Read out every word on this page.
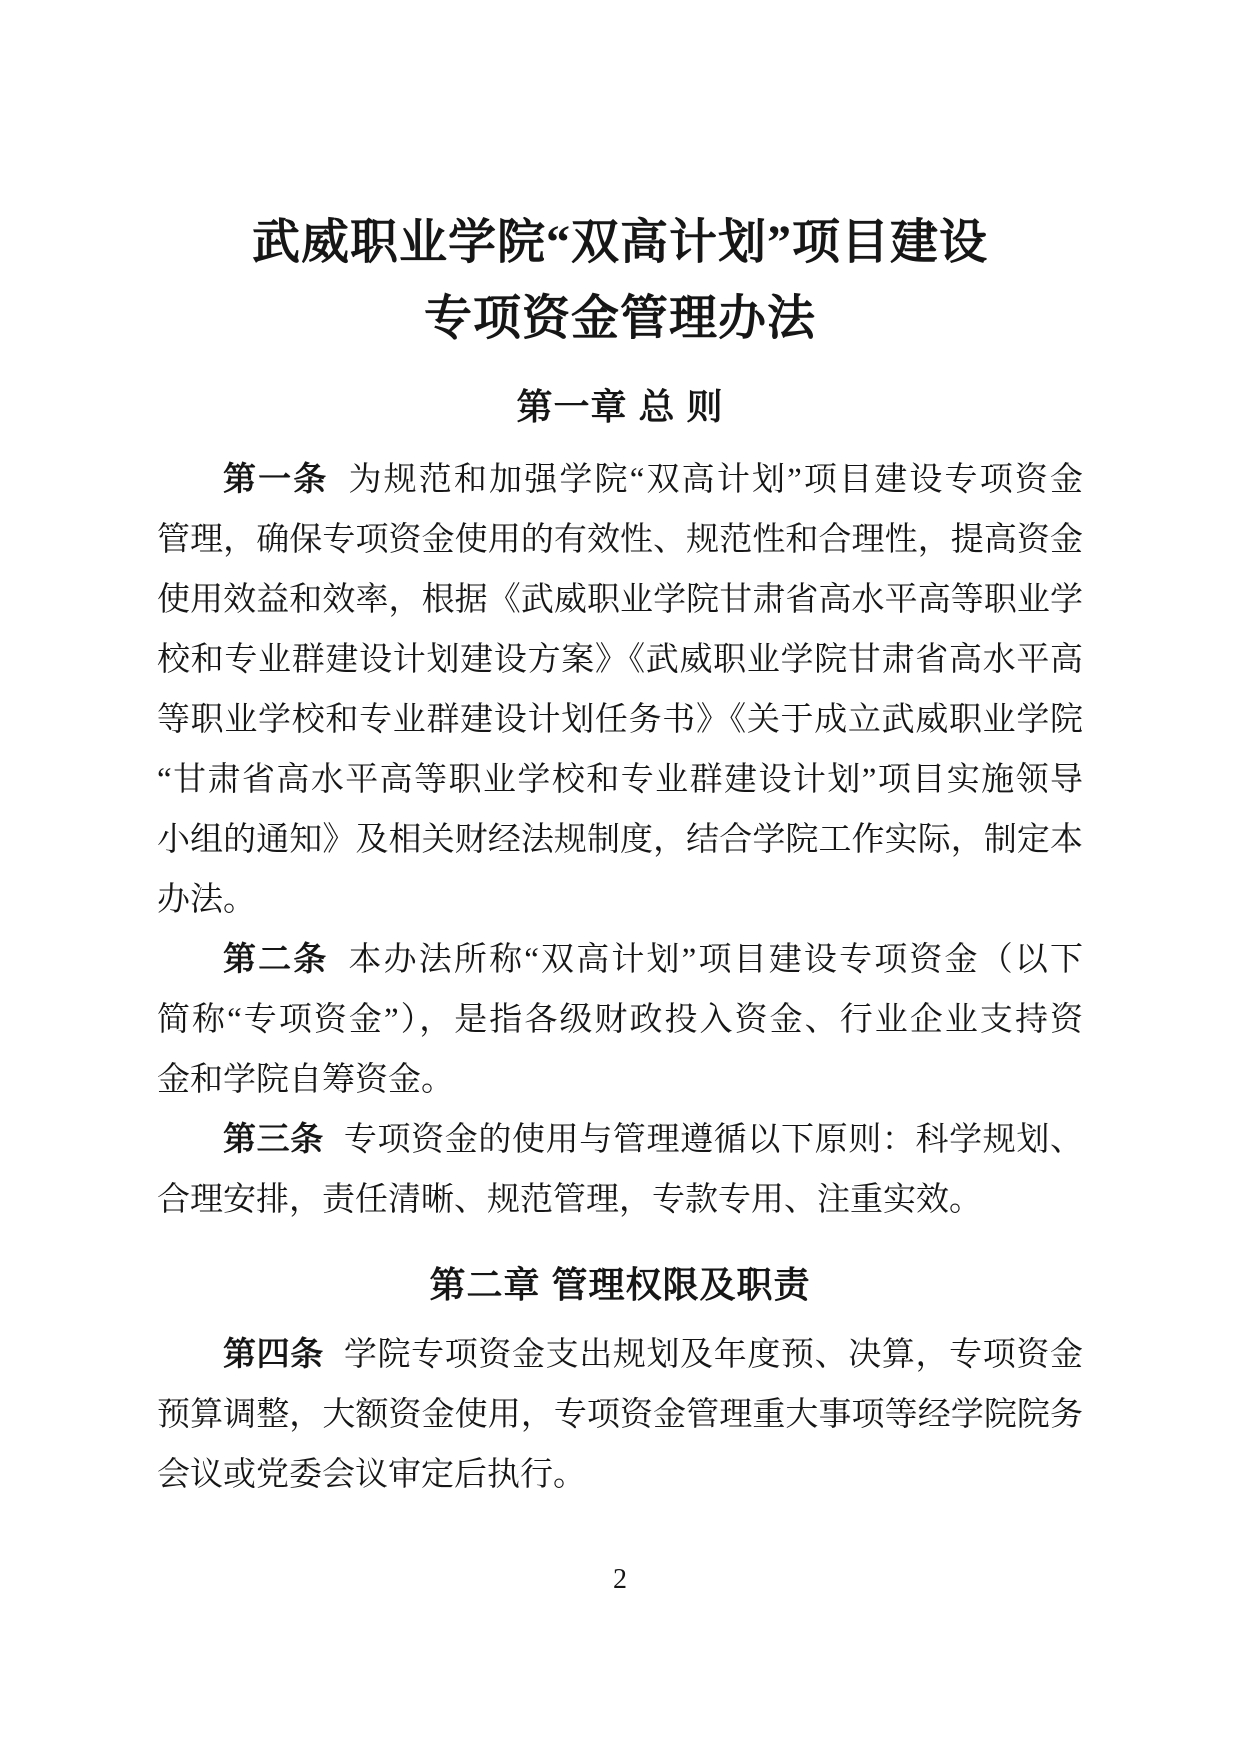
武威职业学院“双高计划”项目建设
专项资金管理办法
第一章 总 则
第一条 为规范和加强学院“双高计划”项目建设专项资金
管理，确保专项资金使用的有效性、规范性和合理性，提高资金
使用效益和效率，根据《武威职业学院甘肃省高水平高等职业学
校和专业群建设计划建设方案》《武威职业学院甘肃省高水平高
等职业学校和专业群建设计划任务书》《关于成立武威职业学院
“甘肃省高水平高等职业学校和专业群建设计划”项目实施领导
小组的通知》及相关财经法规制度，结合学院工作实际，制定本
办法。
第二条 本办法所称“双高计划”项目建设专项资金（以下
简称“专项资金”），是指各级财政投入资金、行业企业支持资
金和学院自筹资金。
第三条 专项资金的使用与管理遵循以下原则：科学规划、
合理安排，责任清晰、规范管理，专款专用、注重实效。
第二章 管理权限及职责
第四条 学院专项资金支出规划及年度预、决算，专项资金
预算调整，大额资金使用，专项资金管理重大事项等经学院院务
会议或党委会议审定后执行。
2
